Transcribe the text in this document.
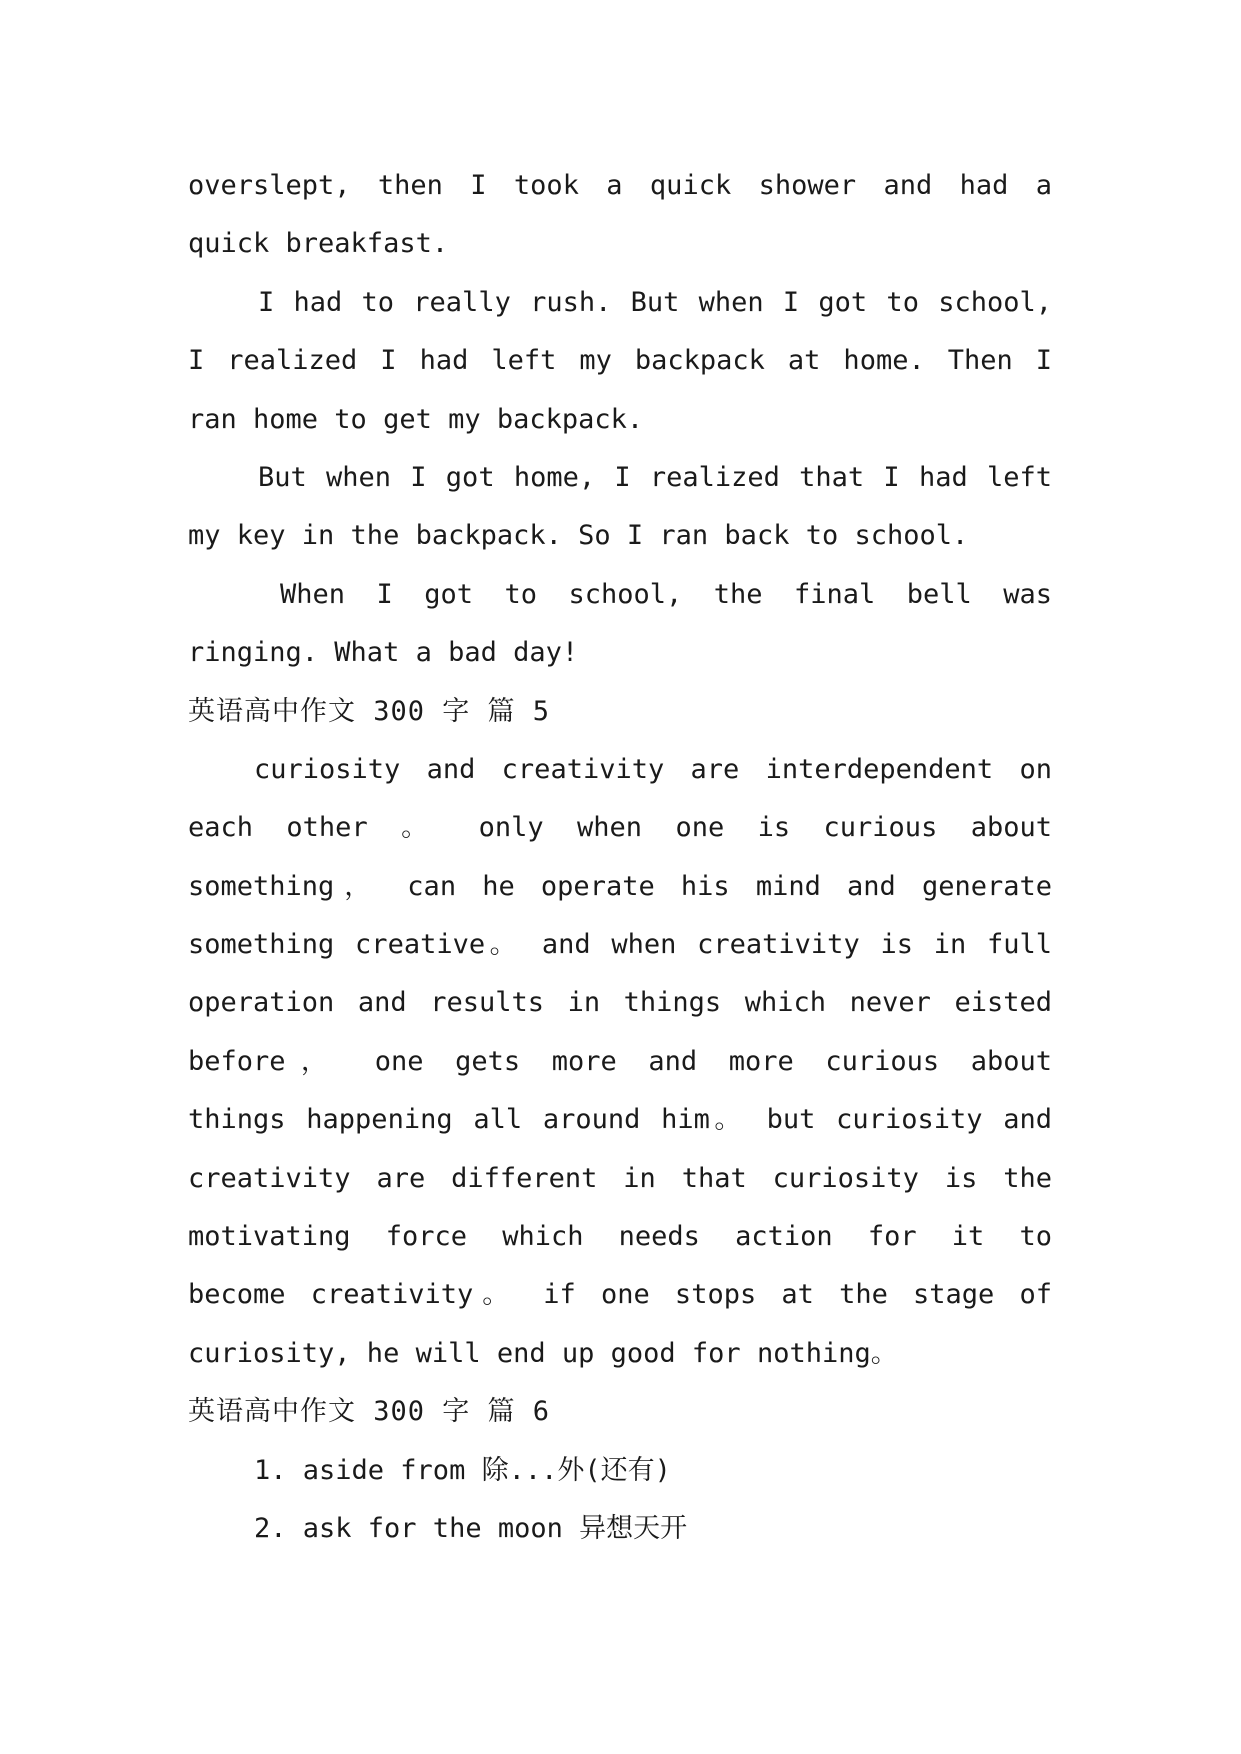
overslept, then I took a quick shower and had a
quick breakfast.
I had to really rush. But when I got to school,
I realized I had left my backpack at home. Then I
ran home to get my backpack.
But when I got home, I realized that I had left
my key in the backpack. So I ran back to school.
When I got to school, the final bell was
ringing. What a bad day!
英语高中作文 300 字 篇 5
curiosity and creativity are interdependent on
each other 。 only when one is curious about
something， can he operate his mind and generate
something creative。 and when creativity is in full
operation and results in things which never eisted
before， one gets more and more curious about
things happening all around him。 but curiosity and
creativity are different in that curiosity is the
motivating force which needs action for it to
become creativity。 if one stops at the stage of
curiosity, he will end up good for nothing。
英语高中作文 300 字 篇 6
1. aside from 除...外(还有)
2. ask for the moon 异想天开
